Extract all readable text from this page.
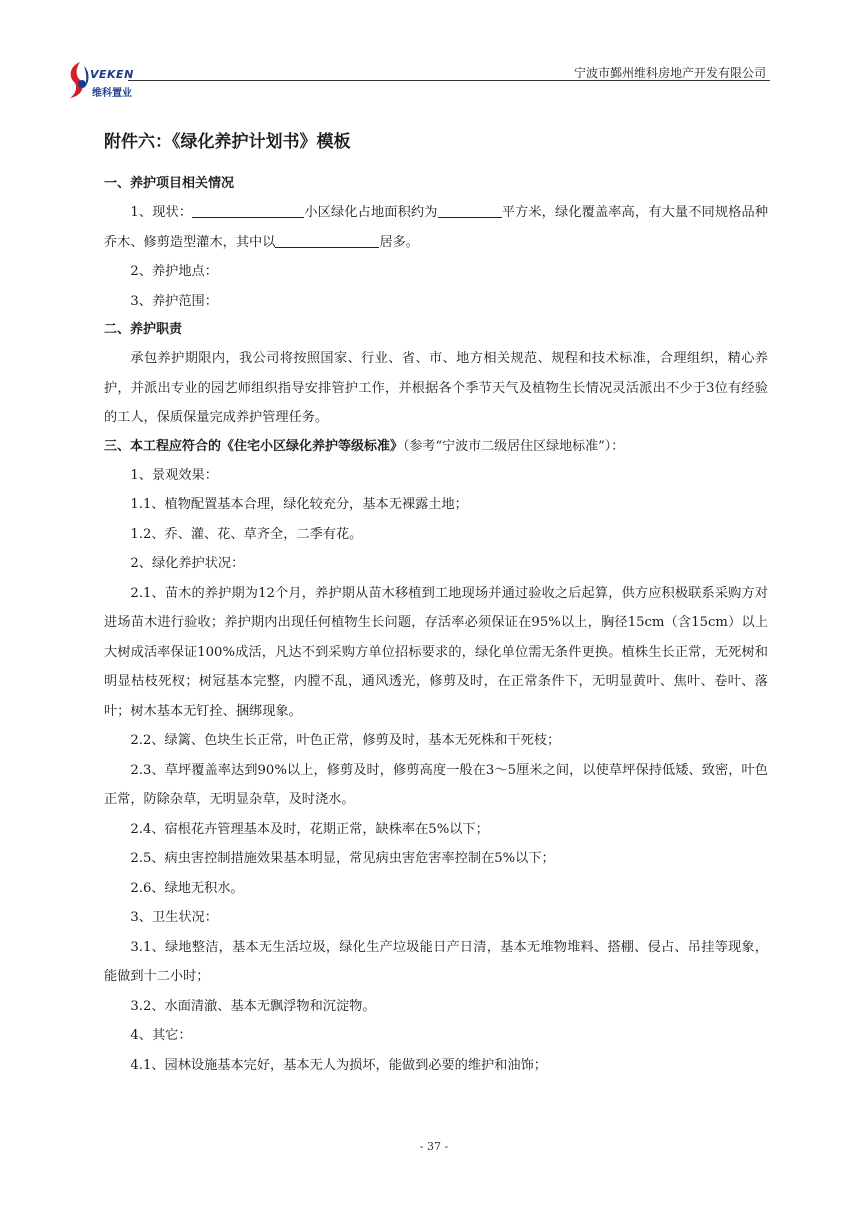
VEKEN
维科置业
宁波市鄞州维科房地产开发有限公司
附件六：《绿化养护计划书》模板
一、养护项目相关情况

1、现状：	小区绿化占地面积约为	平方米，绿化覆盖率高，有大量不同规格品种乔木、修剪造型灌木，其中以	居多。

2、养护地点：

3、养护范围：

二、养护职责

承包养护期限内，我公司将按照国家、行业、省、市、地方相关规范、规程和技术标准，合理组织，精心养护，并派出专业的园艺师组织指导安排管护工作，并根据各个季节天气及植物生长情况灵活派出不少于3位有经验的工人，保质保量完成养护管理任务。

三、本工程应符合的《住宅小区绿化养护等级标准》（参考“宁波市二级居住区绿地标准”）：

1、景观效果：

1.1、植物配置基本合理，绿化较充分，基本无裸露土地；

1.2、乔、灌、花、草齐全，二季有花。

2、绿化养护状况：

2.1、苗木的养护期为12个月，养护期从苗木移植到工地现场并通过验收之后起算，供方应积极联系采购方对进场苗木进行验收；养护期内出现任何植物生长问题，存活率必须保证在95%以上，胸径15cm（含15cm）以上大树成活率保证100%成活，凡达不到采购方单位招标要求的，绿化单位需无条件更换。植株生长正常，无死树和明显枯枝死杈；树冠基本完整，内膛不乱，通风透光，修剪及时，在正常条件下，无明显黄叶、焦叶、卷叶、落叶；树木基本无钉拴、捆绑现象。

2.2、绿篱、色块生长正常，叶色正常，修剪及时，基本无死株和干死枝；

2.3、草坪覆盖率达到90%以上，修剪及时，修剪高度一般在3～5厘米之间，以使草坪保持低矮、致密，叶色正常，防除杂草，无明显杂草，及时浇水。

2.4、宿根花卉管理基本及时，花期正常，缺株率在5%以下；

2.5、病虫害控制措施效果基本明显，常见病虫害危害率控制在5%以下；

2.6、绿地无积水。

3、卫生状况：

3.1、绿地整洁，基本无生活垃圾，绿化生产垃圾能日产日清，基本无堆物堆料、搭棚、侵占、吊挂等现象，能做到十二小时；

3.2、水面清澈、基本无飘浮物和沉淀物。

4、其它：

4.1、园林设施基本完好，基本无人为损坏，能做到必要的维护和油饰；

- 37 -
